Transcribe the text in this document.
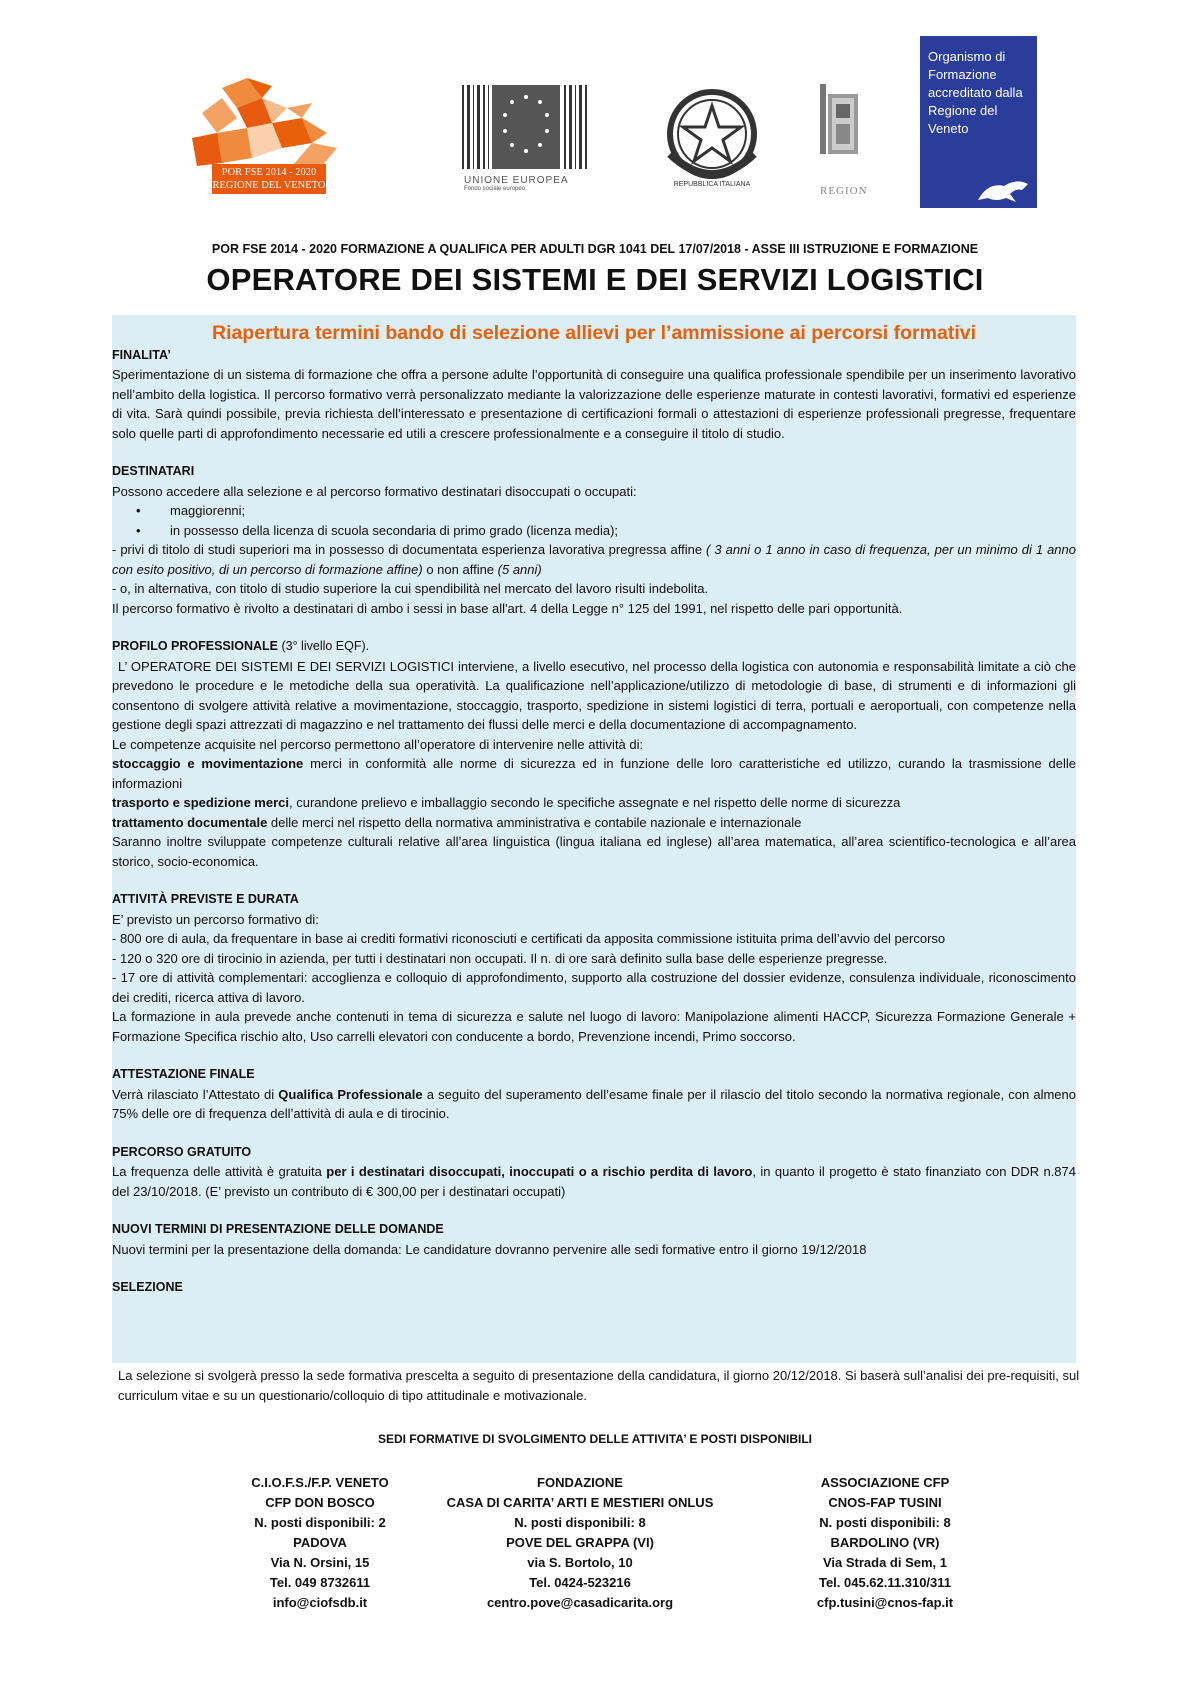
POR FSE 2014 - 2020
REGIONE DEL VENETO	UNIONE EUROPEA
Fondo sociale europeo
REPUBBLICA ITALIANA
REGION
Organismo di Formazione accreditato dalla Regione del Veneto
POR FSE 2014 - 2020 FORMAZIONE A QUALIFICA PER ADULTI DGR 1041 DEL 17/07/2018 - ASSE III ISTRUZIONE E FORMAZIONE
OPERATORE DEI SISTEMI E DEI SERVIZI LOGISTICI
Riapertura termini bando di selezione allievi per l’ammissione ai percorsi formativi
FINALITA’

Sperimentazione di un sistema di formazione che offra a persone adulte l’opportunità di conseguire una qualifica professionale spendibile per un inserimento lavorativo nell’ambito della logistica. Il percorso formativo verrà personalizzato mediante la valorizzazione delle esperienze maturate in contesti lavorativi, formativi ed esperienze di vita. Sarà quindi possibile, previa richiesta dell’interessato e presentazione di certificazioni formali o attestazioni di esperienze professionali pregresse, frequentare solo quelle parti di approfondimento necessarie ed utili a crescere professionalmente e a conseguire il titolo di studio.

DESTINATARI

Possono accedere alla selezione e al percorso formativo destinatari disoccupati o occupati:

• maggiorenni;

• in possesso della licenza di scuola secondaria di primo grado (licenza media);

- privi di titolo di studi superiori ma in possesso di documentata esperienza lavorativa pregressa affine ( 3 anni o 1 anno in caso di frequenza, per un minimo di 1 anno con esito positivo, di un percorso di formazione affine) o non affine (5 anni)

- o, in alternativa, con titolo di studio superiore la cui spendibilità nel mercato del lavoro risulti indebolita.

Il percorso formativo è rivolto a destinatari di ambo i sessi in base all'art. 4 della Legge n° 125 del 1991, nel rispetto delle pari opportunità.

PROFILO PROFESSIONALE (3° livello EQF).

L’ OPERATORE DEI SISTEMI E DEI SERVIZI LOGISTICI interviene, a livello esecutivo, nel processo della logistica con autonomia e responsabilità limitate a ciò che prevedono le procedure e le metodiche della sua operatività. La qualificazione nell’applicazione/utilizzo di metodologie di base, di strumenti e di informazioni gli consentono di svolgere attività relative a movimentazione, stoccaggio, trasporto, spedizione in sistemi logistici di terra, portuali e aeroportuali, con competenze nella gestione degli spazi attrezzati di magazzino e nel trattamento dei flussi delle merci e della documentazione di accompagnamento.

Le competenze acquisite nel percorso permettono all’operatore di intervenire nelle attività di:

stoccaggio e movimentazione merci in conformità alle norme di sicurezza ed in funzione delle loro caratteristiche ed utilizzo, curando la trasmissione delle informazioni

trasporto e spedizione merci, curandone prelievo e imballaggio secondo le specifiche assegnate e nel rispetto delle norme di sicurezza

trattamento documentale delle merci nel rispetto della normativa amministrativa e contabile nazionale e internazionale

Saranno inoltre sviluppate competenze culturali relative all’area linguistica (lingua italiana ed inglese) all’area matematica, all’area scientifico-tecnologica e all’area storico, socio-economica.

ATTIVITÀ PREVISTE E DURATA

E’ previsto un percorso formativo di:

- 800 ore di aula, da frequentare in base ai crediti formativi riconosciuti e certificati da apposita commissione istituita prima dell’avvio del percorso

- 120 o 320 ore di tirocinio in azienda, per tutti i destinatari non occupati. Il n. di ore sarà definito sulla base delle esperienze pregresse.

- 17 ore di attività complementari: accoglienza e colloquio di approfondimento, supporto alla costruzione del dossier evidenze, consulenza individuale, riconoscimento dei crediti, ricerca attiva di lavoro.

La formazione in aula prevede anche contenuti in tema di sicurezza e salute nel luogo di lavoro: Manipolazione alimenti HACCP, Sicurezza Formazione Generale + Formazione Specifica rischio alto, Uso carrelli elevatori con conducente a bordo, Prevenzione incendi, Primo soccorso.

ATTESTAZIONE FINALE

Verrà rilasciato l’Attestato di Qualifica Professionale a seguito del superamento dell’esame finale per il rilascio del titolo secondo la normativa regionale, con almeno 75% delle ore di frequenza dell’attività di aula e di tirocinio.

PERCORSO GRATUITO

La frequenza delle attività è gratuita per i destinatari disoccupati, inoccupati o a rischio perdita di lavoro, in quanto il progetto è stato finanziato con DDR n.874 del 23/10/2018. (E’ previsto un contributo di € 300,00 per i destinatari occupati)

NUOVI TERMINI DI PRESENTAZIONE DELLE DOMANDE

Nuovi termini per la presentazione della domanda: Le candidature dovranno pervenire alle sedi formative entro il giorno 19/12/2018

SELEZIONE
La selezione si svolgerà presso la sede formativa prescelta a seguito di presentazione della candidatura, il giorno 20/12/2018. Si baserà sull’analisi dei pre-requisiti, sul curriculum vitae e su un questionario/colloquio di tipo attitudinale e motivazionale.
SEDI FORMATIVE DI SVOLGIMENTO DELLE ATTIVITA’ E POSTI DISPONIBILI
C.I.O.F.S./F.P. VENETO
CFP DON BOSCO
N. posti disponibili: 2
PADOVA
Via N. Orsini, 15
Tel. 049 8732611
info@ciofsdb.it
FONDAZIONE
CASA DI CARITA’ ARTI E MESTIERI ONLUS
N. posti disponibili: 8
POVE DEL GRAPPA (VI)
via S. Bortolo, 10
Tel. 0424-523216
centro.pove@casadicarita.org
ASSOCIAZIONE CFP
CNOS-FAP TUSINI
N. posti disponibili: 8
BARDOLINO (VR)
Via Strada di Sem, 1
Tel. 045.62.11.310/311
cfp.tusini@cnos-fap.it
